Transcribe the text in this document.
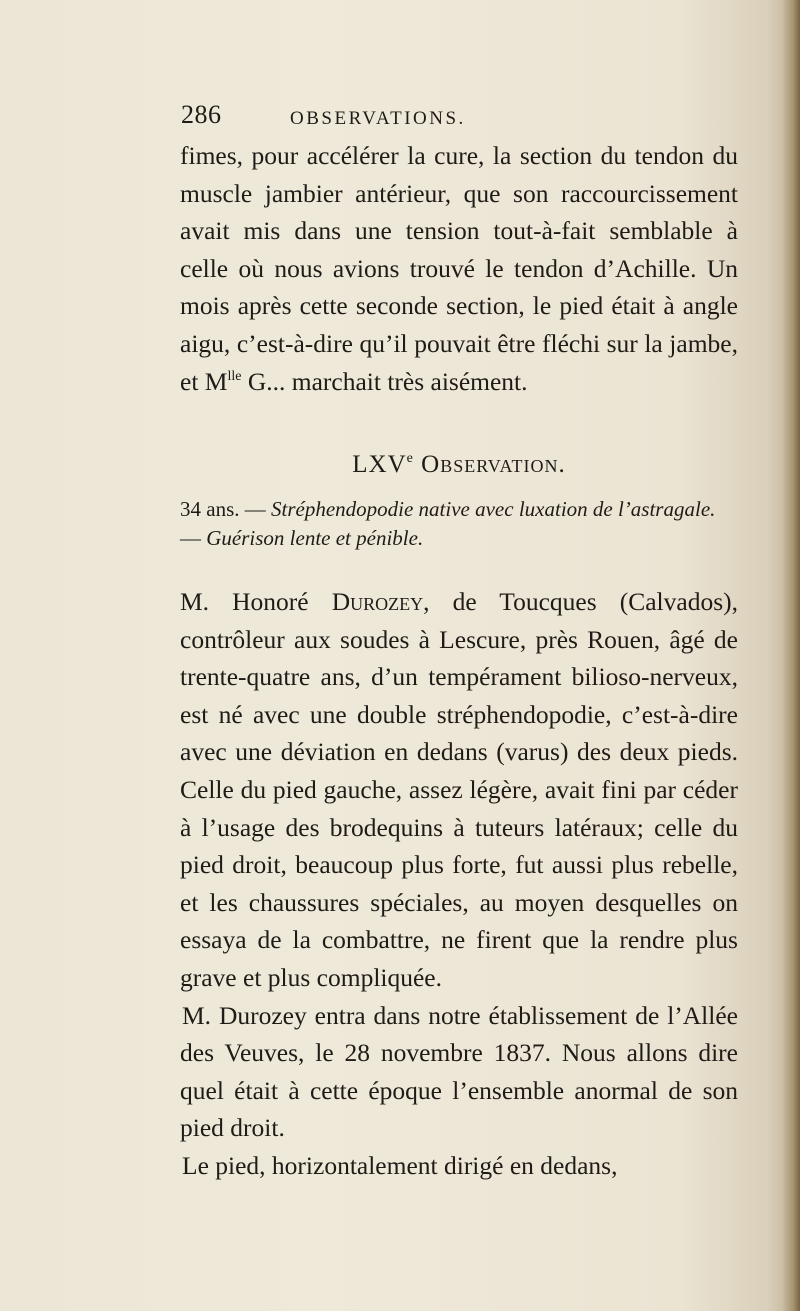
286	OBSERVATIONS.

fimes, pour accélérer la cure, la section du tendon du muscle jambier antérieur, que son raccourcissement avait mis dans une tension tout-à-fait semblable à celle où nous avions trouvé le tendon d’Achille. Un mois après cette seconde section, le pied était à angle aigu, c’est-à-dire qu’il pouvait être fléchi sur la jambe, et $M^{lle}$ G... marchait très aisément.

LXVe Observation.
34 ans. — Stréphendopodie native avec luxation de l’astragale. — Guérison lente et pénible.

M. Honoré Durozey, de Toucques (Calvados), contrôleur aux soudes à Lescure, près Rouen, âgé de trente-quatre ans, d’un tempérament bilioso-nerveux, est né avec une double stréphendopodie, c’est-à-dire avec une déviation en dedans (varus) des deux pieds. Celle du pied gauche, assez légère, avait fini par céder à l’usage des brodequins à tuteurs latéraux; celle du pied droit, beaucoup plus forte, fut aussi plus rebelle, et les chaussures spéciales, au moyen desquelles on essaya de la combattre, ne firent que la rendre plus grave et plus compliquée.

M. Durozey entra dans notre établissement de l’Allée des Veuves, le 28 novembre 1837. Nous allons dire quel était à cette époque l’ensemble anormal de son pied droit.

Le pied, horizontalement dirigé en dedans,
